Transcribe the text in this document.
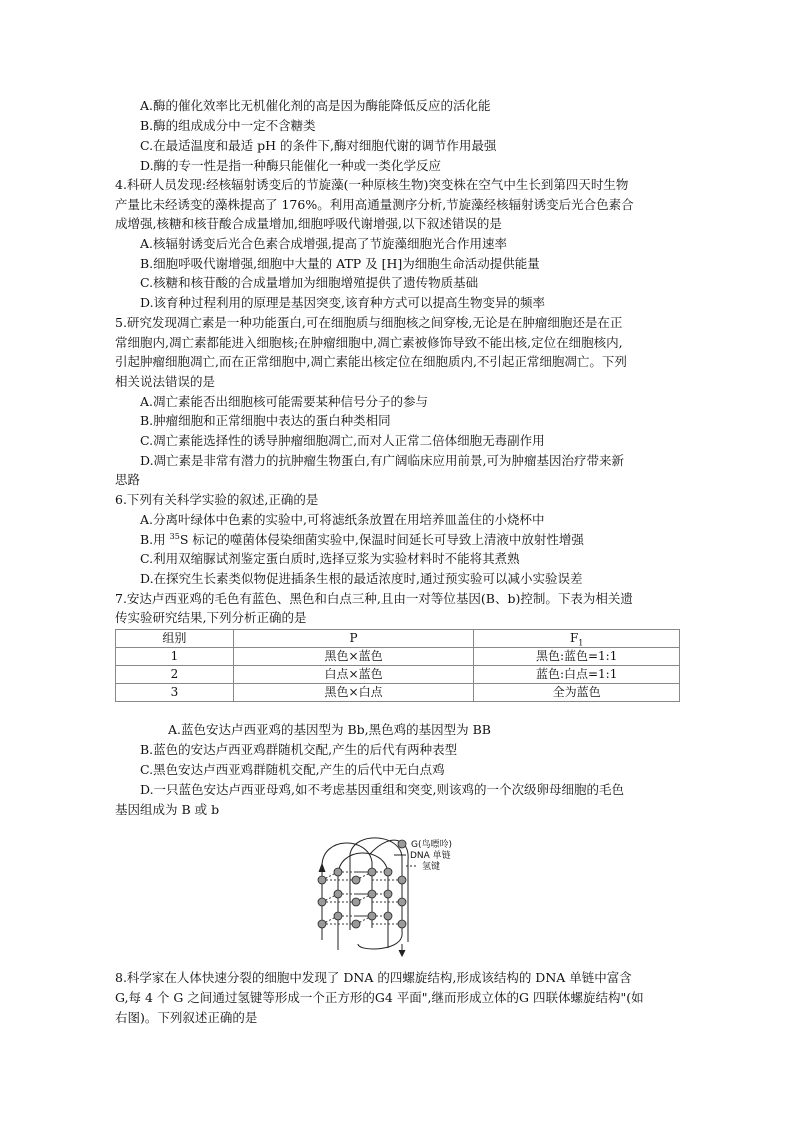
A.酶的催化效率比无机催化剂的高是因为酶能降低反应的活化能
B.酶的组成成分中一定不含糖类
C.在最适温度和最适 pH 的条件下,酶对细胞代谢的调节作用最强
D.酶的专一性是指一种酶只能催化一种或一类化学反应
4.科研人员发现:经核辐射诱变后的节旋藻(一种原核生物)突变株在空气中生长到第四天时生物
产量比未经诱变的藻株提高了 176%。利用高通量测序分析,节旋藻经核辐射诱变后光合色素合
成增强,核糖和核苷酸合成量增加,细胞呼吸代谢增强,以下叙述错误的是
A.核辐射诱变后光合色素合成增强,提高了节旋藻细胞光合作用速率
B.细胞呼吸代谢增强,细胞中大量的 ATP 及 [H]为细胞生命活动提供能量
C.核糖和核苷酸的合成量增加为细胞增殖提供了遗传物质基础
D.该育种过程利用的原理是基因突变,该育种方式可以提高生物变异的频率
5.研究发现凋亡素是一种功能蛋白,可在细胞质与细胞核之间穿梭,无论是在肿瘤细胞还是在正
常细胞内,凋亡素都能进入细胞核;在肿瘤细胞中,凋亡素被修饰导致不能出核,定位在细胞核内,
引起肿瘤细胞凋亡,而在正常细胞中,凋亡素能出核定位在细胞质内,不引起正常细胞凋亡。下列
相关说法错误的是
A.凋亡素能否出细胞核可能需要某种信号分子的参与
B.肿瘤细胞和正常细胞中表达的蛋白种类相同
C.凋亡素能选择性的诱导肿瘤细胞凋亡,而对人正常二倍体细胞无毒副作用
D.凋亡素是非常有潜力的抗肿瘤生物蛋白,有广阔临床应用前景,可为肿瘤基因治疗带来新
思路
6.下列有关科学实验的叙述,正确的是
A.分离叶绿体中色素的实验中,可将滤纸条放置在用培养皿盖住的小烧杯中
B.用 $^{35}$S 标记的噬菌体侵染细菌实验中,保温时间延长可导致上清液中放射性增强
C.利用双缩脲试剂鉴定蛋白质时,选择豆浆为实验材料时不能将其煮熟
D.在探究生长素类似物促进插条生根的最适浓度时,通过预实验可以减小实验误差
7.安达卢西亚鸡的毛色有蓝色、黑色和白点三种,且由一对等位基因(B、b)控制。下表为相关遗
传实验研究结果,下列分析正确的是
组别	P	$F_1$
1	黑色×蓝色	黑色:蓝色=1:1
2	白点×蓝色	蓝色:白点=1:1
3	黑色×白点	全为蓝色
A.蓝色安达卢西亚鸡的基因型为 Bb,黑色鸡的基因型为 BB
B.蓝色的安达卢西亚鸡群随机交配,产生的后代有两种表型
C.黑色安达卢西亚鸡群随机交配,产生的后代中无白点鸡
D.一只蓝色安达卢西亚母鸡,如不考虑基因重组和突变,则该鸡的一个次级卵母细胞的毛色
基因组成为 B 或 b
G(鸟嘌呤)
DNA 单链
氢键
8.科学家在人体快速分裂的细胞中发现了 DNA 的四螺旋结构,形成该结构的 DNA 单链中富含
G,每 4 个 G 之间通过氢键等形成一个正方形的G4 平面",继而形成立体的G 四联体螺旋结构"(如
右图)。下列叙述正确的是
